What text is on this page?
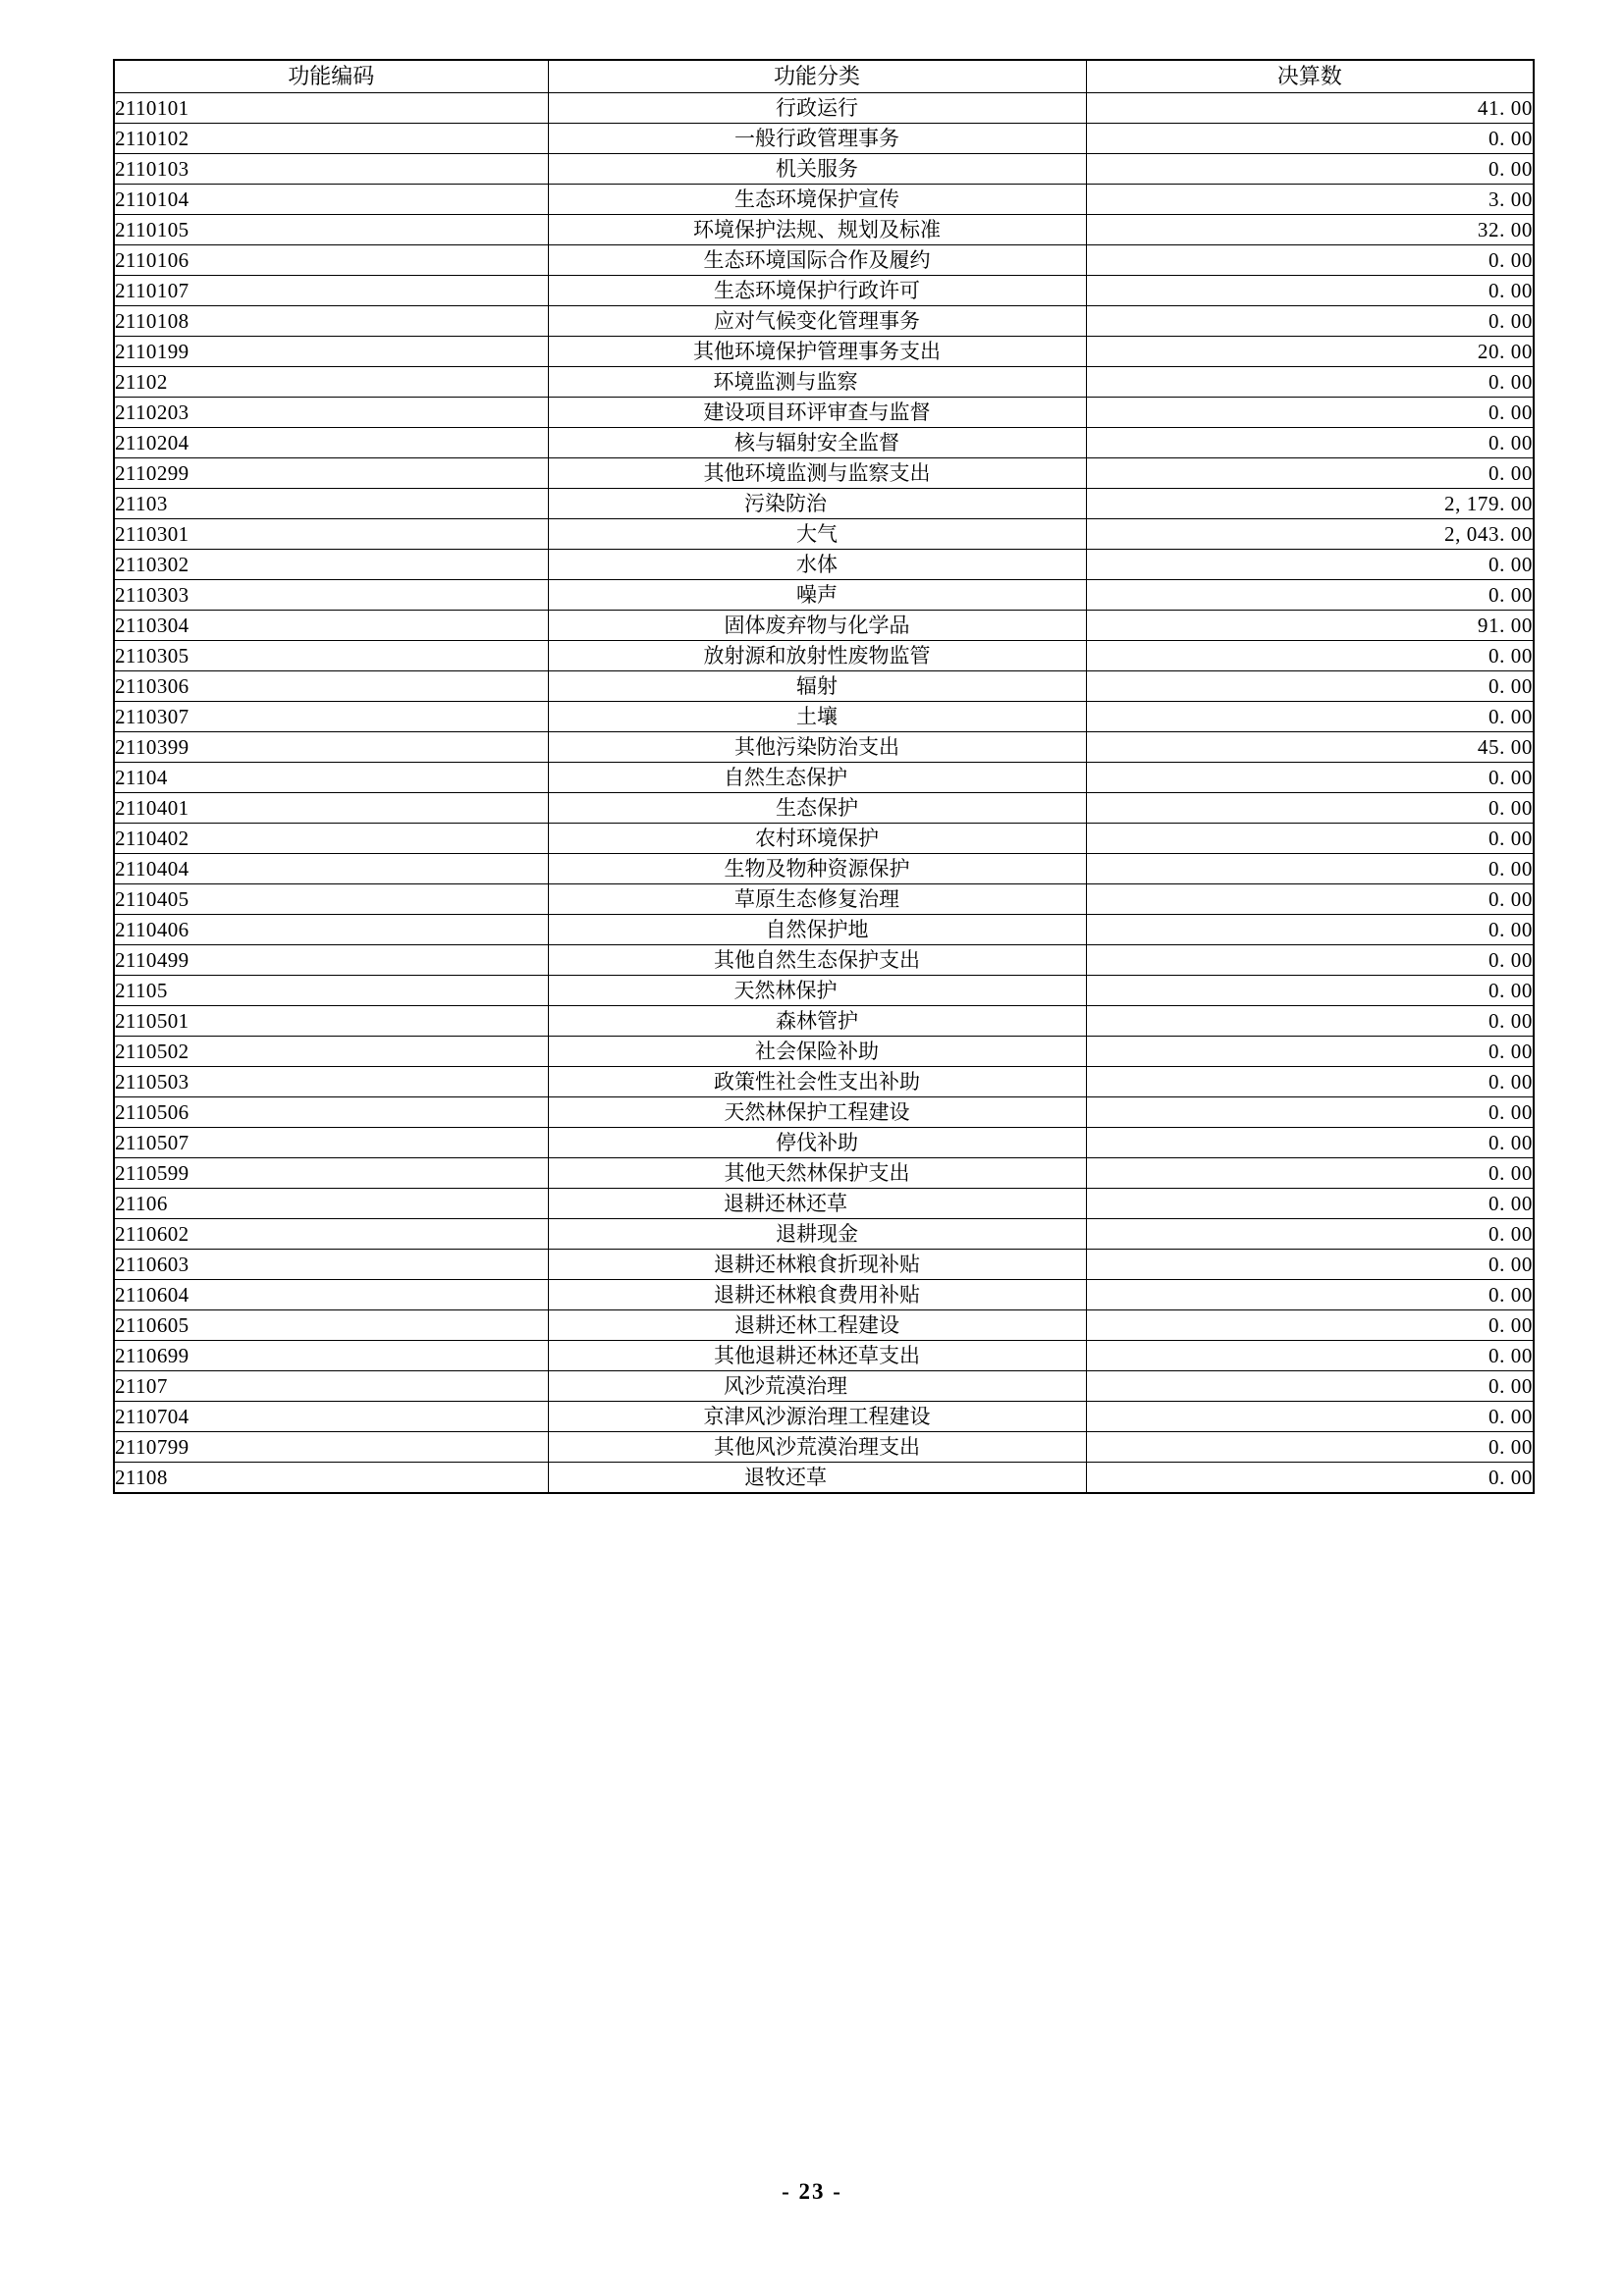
功能编码	功能分类	决算数
2110101	行政运行	41. 00
2110102	一般行政管理事务	0. 00
2110103	机关服务	0. 00
2110104	生态环境保护宣传	3. 00
2110105	环境保护法规、规划及标准	32. 00
2110106	生态环境国际合作及履约	0. 00
2110107	生态环境保护行政许可	0. 00
2110108	应对气候变化管理事务	0. 00
2110199	其他环境保护管理事务支出	20. 00
21102	环境监测与监察	0. 00
2110203	建设项目环评审查与监督	0. 00
2110204	核与辐射安全监督	0. 00
2110299	其他环境监测与监察支出	0. 00
21103	污染防治	2, 179. 00
2110301	大气	2, 043. 00
2110302	水体	0. 00
2110303	噪声	0. 00
2110304	固体废弃物与化学品	91. 00
2110305	放射源和放射性废物监管	0. 00
2110306	辐射	0. 00
2110307	土壤	0. 00
2110399	其他污染防治支出	45. 00
21104	自然生态保护	0. 00
2110401	生态保护	0. 00
2110402	农村环境保护	0. 00
2110404	生物及物种资源保护	0. 00
2110405	草原生态修复治理	0. 00
2110406	自然保护地	0. 00
2110499	其他自然生态保护支出	0. 00
21105	天然林保护	0. 00
2110501	森林管护	0. 00
2110502	社会保险补助	0. 00
2110503	政策性社会性支出补助	0. 00
2110506	天然林保护工程建设	0. 00
2110507	停伐补助	0. 00
2110599	其他天然林保护支出	0. 00
21106	退耕还林还草	0. 00
2110602	退耕现金	0. 00
2110603	退耕还林粮食折现补贴	0. 00
2110604	退耕还林粮食费用补贴	0. 00
2110605	退耕还林工程建设	0. 00
2110699	其他退耕还林还草支出	0. 00
21107	风沙荒漠治理	0. 00
2110704	京津风沙源治理工程建设	0. 00
2110799	其他风沙荒漠治理支出	0. 00
21108	退牧还草	0. 00
- 23 -
